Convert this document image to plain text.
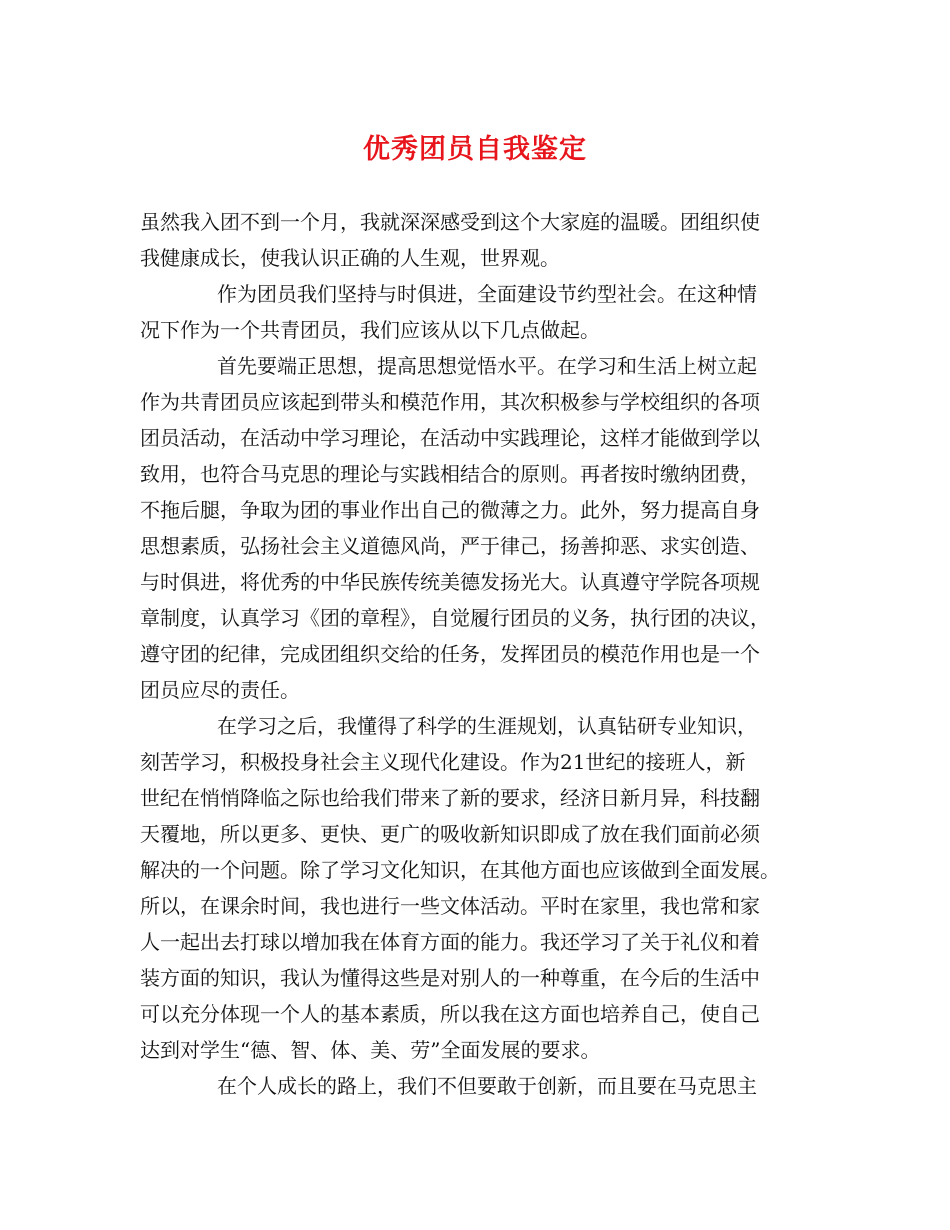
优秀团员自我鉴定
虽然我入团不到一个月，我就深深感受到这个大家庭的温暖。团组织使
我健康成长，使我认识正确的人生观，世界观。
作为团员我们坚持与时俱进，全面建设节约型社会。在这种情
况下作为一个共青团员，我们应该从以下几点做起。
首先要端正思想，提高思想觉悟水平。在学习和生活上树立起
作为共青团员应该起到带头和模范作用，其次积极参与学校组织的各项
团员活动，在活动中学习理论，在活动中实践理论，这样才能做到学以
致用，也符合马克思的理论与实践相结合的原则。再者按时缴纳团费，
不拖后腿，争取为团的事业作出自己的微薄之力。此外，努力提高自身
思想素质，弘扬社会主义道德风尚，严于律己，扬善抑恶、求实创造、
与时俱进，将优秀的中华民族传统美德发扬光大。认真遵守学院各项规
章制度，认真学习《团的章程》，自觉履行团员的义务，执行团的决议，
遵守团的纪律，完成团组织交给的任务，发挥团员的模范作用也是一个
团员应尽的责任。
在学习之后，我懂得了科学的生涯规划，认真钻研专业知识，
刻苦学习，积极投身社会主义现代化建设。作为21世纪的接班人，新
世纪在悄悄降临之际也给我们带来了新的要求，经济日新月异，科技翻
天覆地，所以更多、更快、更广的吸收新知识即成了放在我们面前必须
解决的一个问题。除了学习文化知识，在其他方面也应该做到全面发展。
所以，在课余时间，我也进行一些文体活动。平时在家里，我也常和家
人一起出去打球以增加我在体育方面的能力。我还学习了关于礼仪和着
装方面的知识，我认为懂得这些是对别人的一种尊重，在今后的生活中
可以充分体现一个人的基本素质，所以我在这方面也培养自己，使自己
达到对学生“德、智、体、美、劳”全面发展的要求。
在个人成长的路上，我们不但要敢于创新，而且要在马克思主
